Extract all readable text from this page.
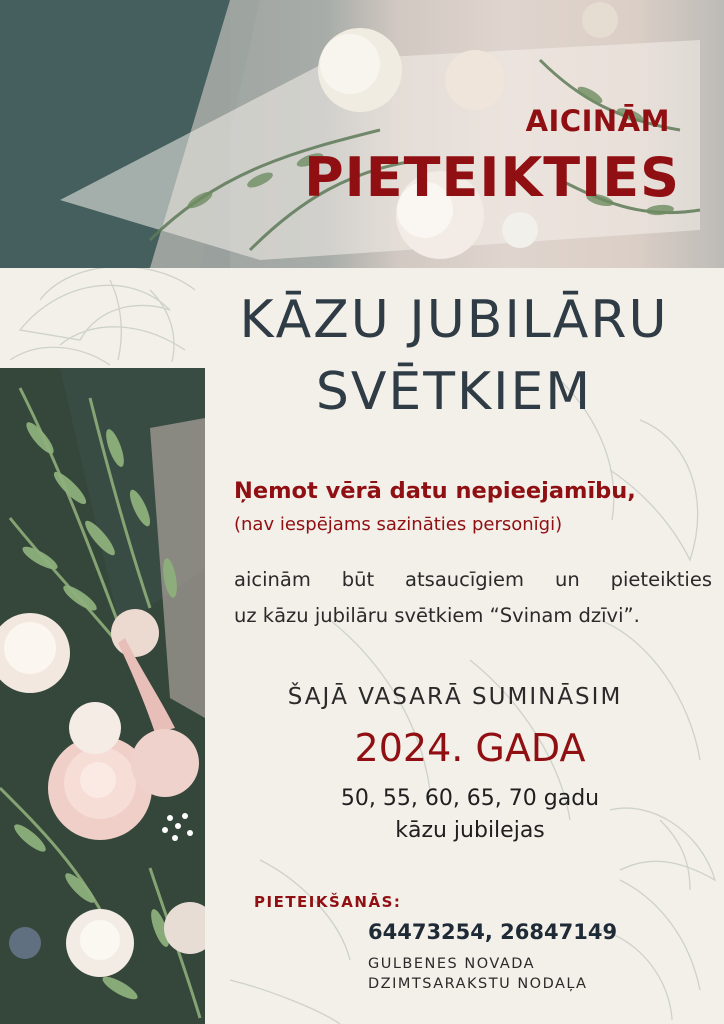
AICINĀM
PIETEIKTIES
KĀZU JUBILĀRU
SVĒTKIEM
Ņemot vērā datu nepieejamību,
(nav iespējams sazināties personīgi)
aicinām būt atsaucīgiem un pieteikties
uz kāzu jubilāru svētkiem “Svinam dzīvi”.
ŠAJĀ VASARĀ SUMINĀSIM
2024. GADA
50, 55, 60, 65, 70 gadu
kāzu jubilejas
PIETEIKŠANĀS:
64473254, 26847149
GULBENES NOVADA
DZIMTSARAKSTU NODAĻA
